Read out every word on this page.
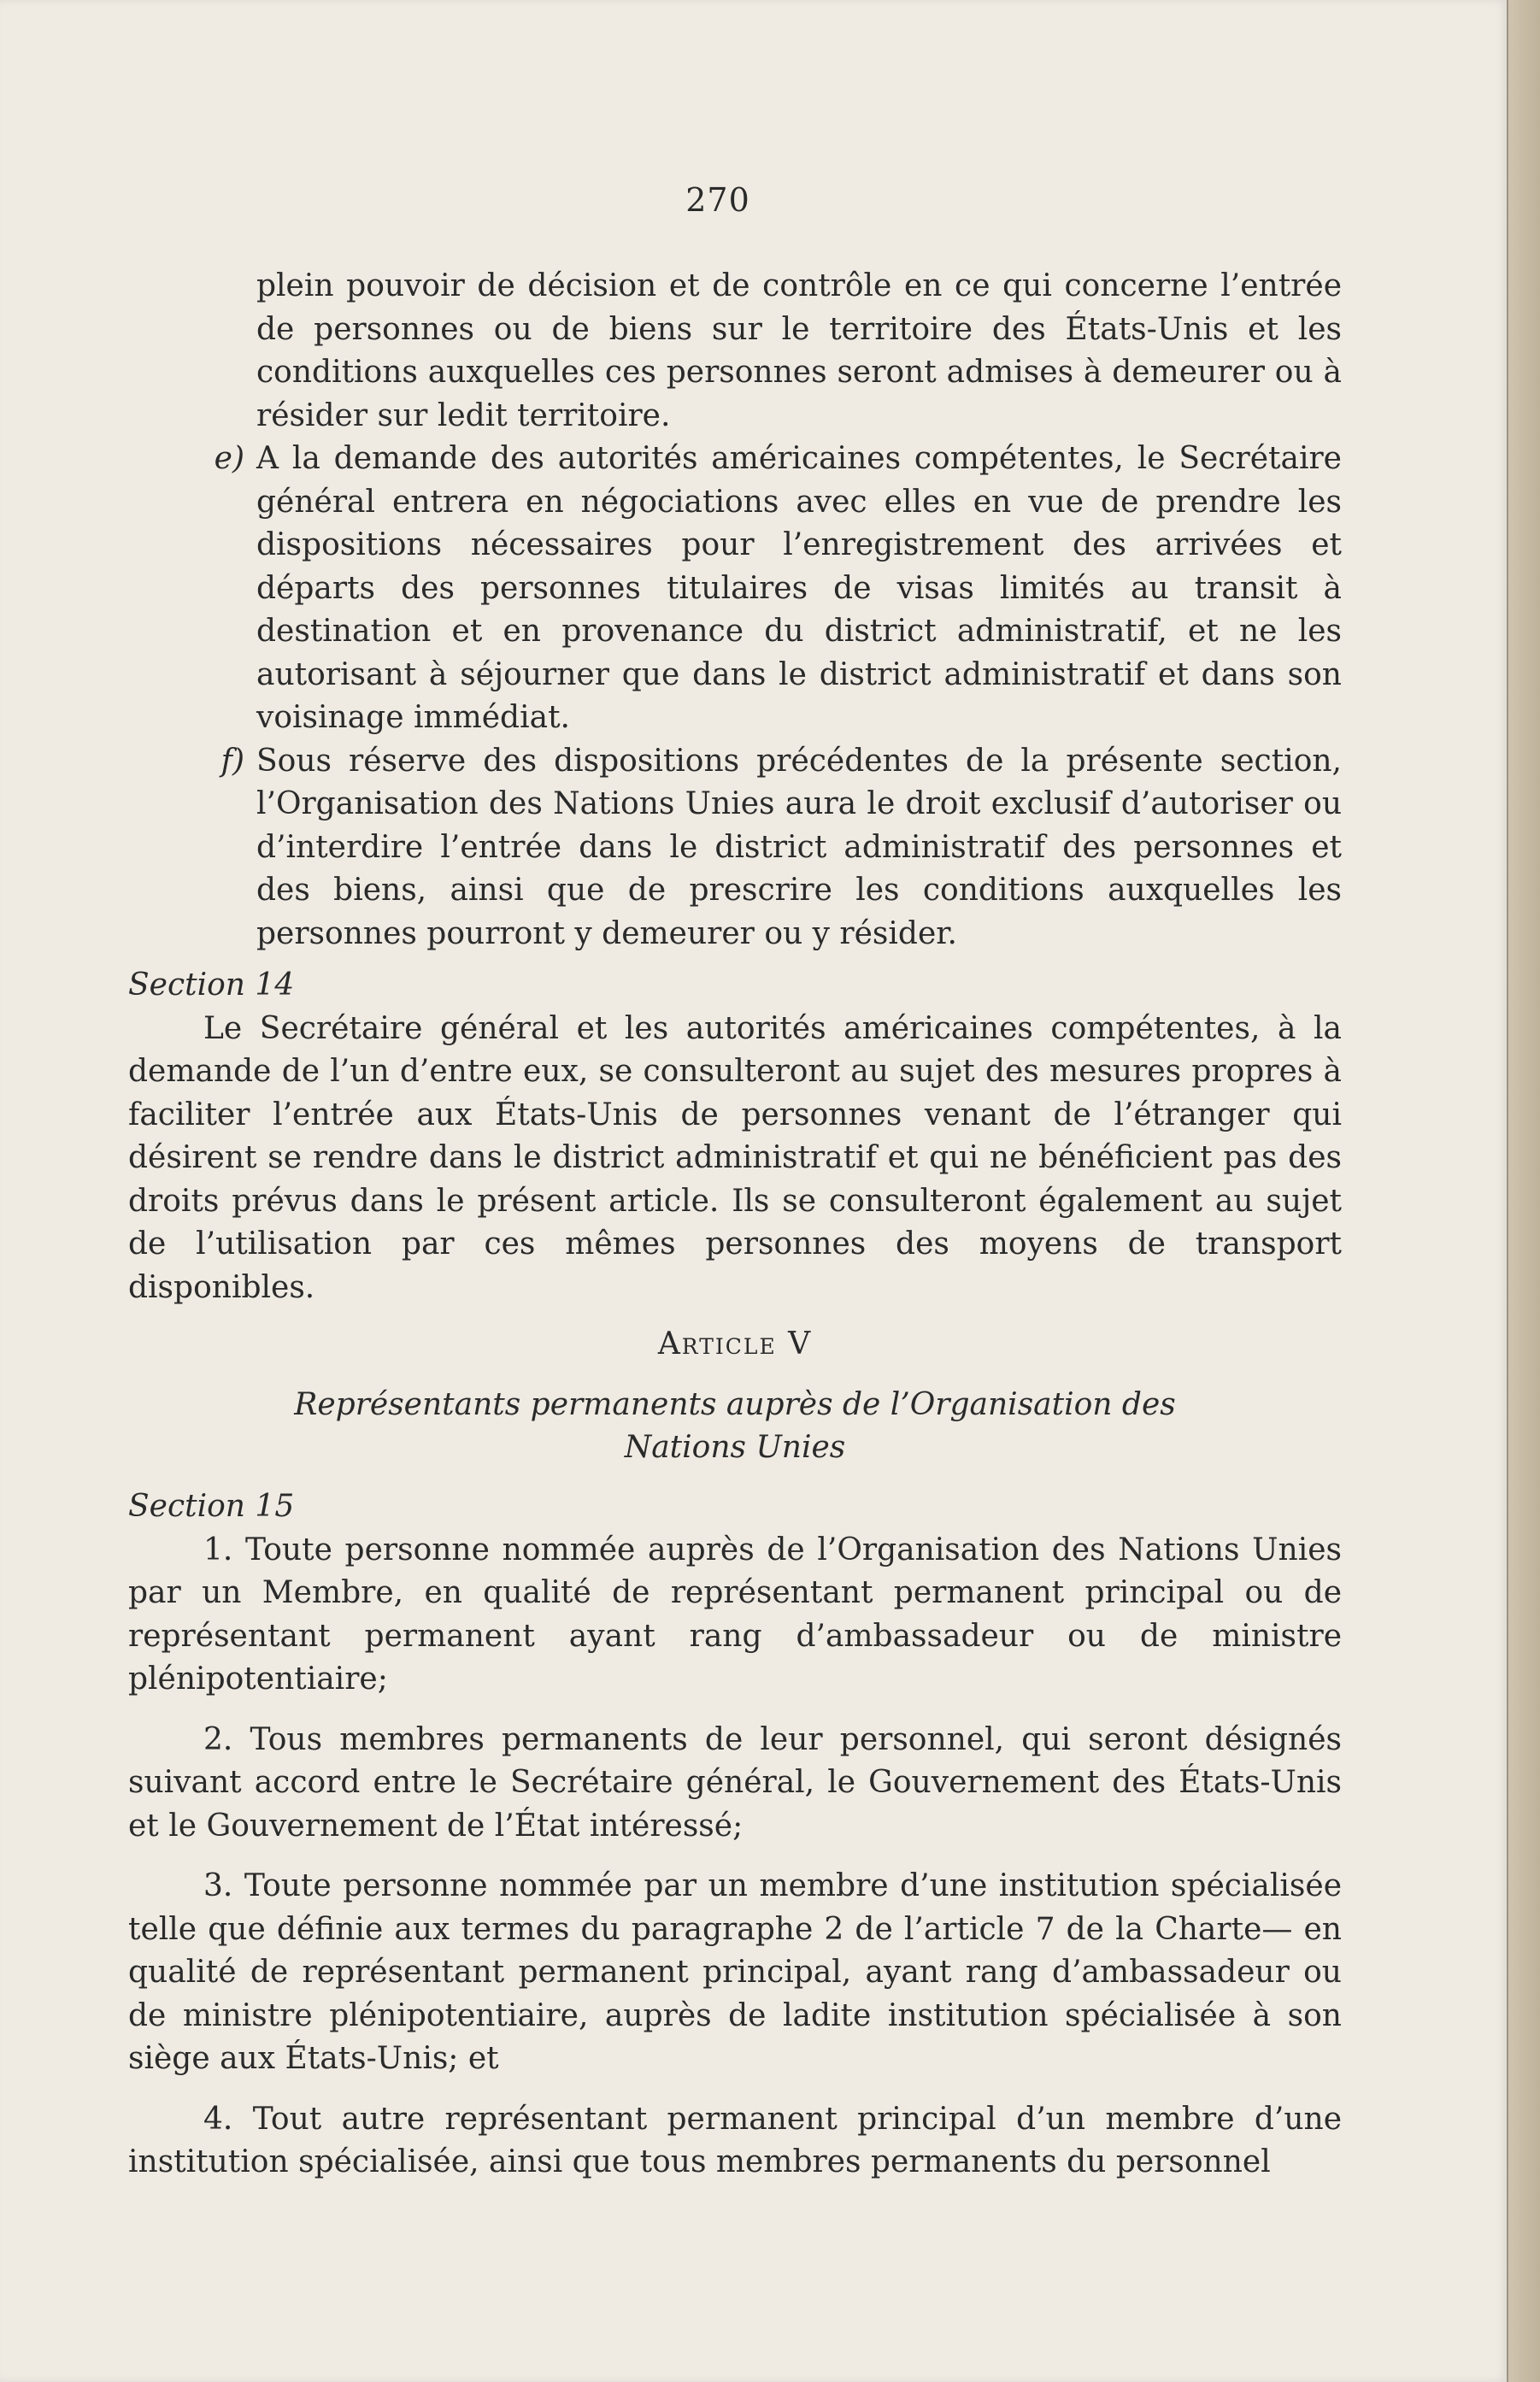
270

plein pouvoir de décision et de contrôle en ce qui concerne l’entrée de personnes ou de biens sur le territoire des États-Unis et les conditions auxquelles ces personnes seront admises à demeurer ou à résider sur ledit territoire.

e) A la demande des autorités américaines compétentes, le Secrétaire général entrera en négociations avec elles en vue de prendre les dispositions nécessaires pour l’enregistrement des arrivées et départs des personnes titulaires de visas limités au transit à destination et en provenance du district administratif, et ne les autorisant à séjourner que dans le district administratif et dans son voisinage immédiat.

f) Sous réserve des dispositions précédentes de la présente section, l’Organisation des Nations Unies aura le droit exclusif d’autoriser ou d’interdire l’entrée dans le district administratif des personnes et des biens, ainsi que de prescrire les conditions auxquelles les personnes pourront y demeurer ou y résider.

Section 14

Le Secrétaire général et les autorités américaines compétentes, à la demande de l’un d’entre eux, se consulteront au sujet des mesures propres à faciliter l’entrée aux États-Unis de personnes venant de l’étranger qui désirent se rendre dans le district administratif et qui ne bénéficient pas des droits prévus dans le présent article. Ils se consulteront également au sujet de l’utilisation par ces mêmes personnes des moyens de transport disponibles.

Article V

Représentants permanents auprès de l’Organisation des Nations Unies

Section 15

1. Toute personne nommée auprès de l’Organisation des Nations Unies par un Membre, en qualité de représentant permanent principal ou de représentant permanent ayant rang d’ambassadeur ou de ministre plénipotentiaire;

2. Tous membres permanents de leur personnel, qui seront désignés suivant accord entre le Secrétaire général, le Gouvernement des États-Unis et le Gouvernement de l’État intéressé;

3. Toute personne nommée par un membre d’une institution spécialisée telle que définie aux termes du paragraphe 2 de l’article 7 de la Charte— en qualité de représentant permanent principal, ayant rang d’ambassadeur ou de ministre plénipotentiaire, auprès de ladite institution spécialisée à son siège aux États-Unis; et

4. Tout autre représentant permanent principal d’un membre d’une institution spécialisée, ainsi que tous membres permanents du personnel
